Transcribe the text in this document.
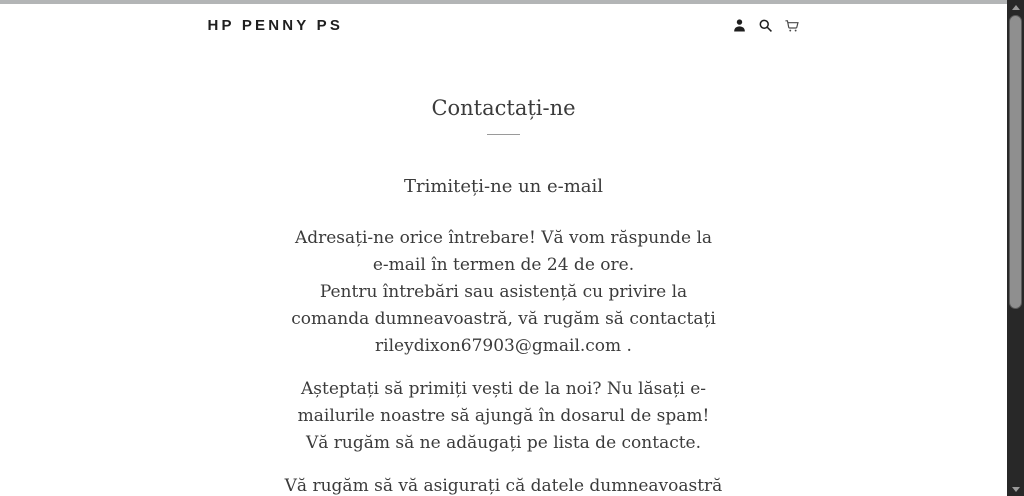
HP PENNY PS
Contactați-ne
Trimiteți-ne un e-mail
Adresați-ne orice întrebare! Vă vom răspunde la
e-mail în termen de 24 de ore.
Pentru întrebări sau asistență cu privire la
comanda dumneavoastră, vă rugăm să contactați
rileydixon67903@gmail.com .
Așteptați să primiți vești de la noi? Nu lăsați e-
mailurile noastre să ajungă în dosarul de spam!
Vă rugăm să ne adăugați pe lista de contacte.
Vă rugăm să vă asigurați că datele dumneavoastră
